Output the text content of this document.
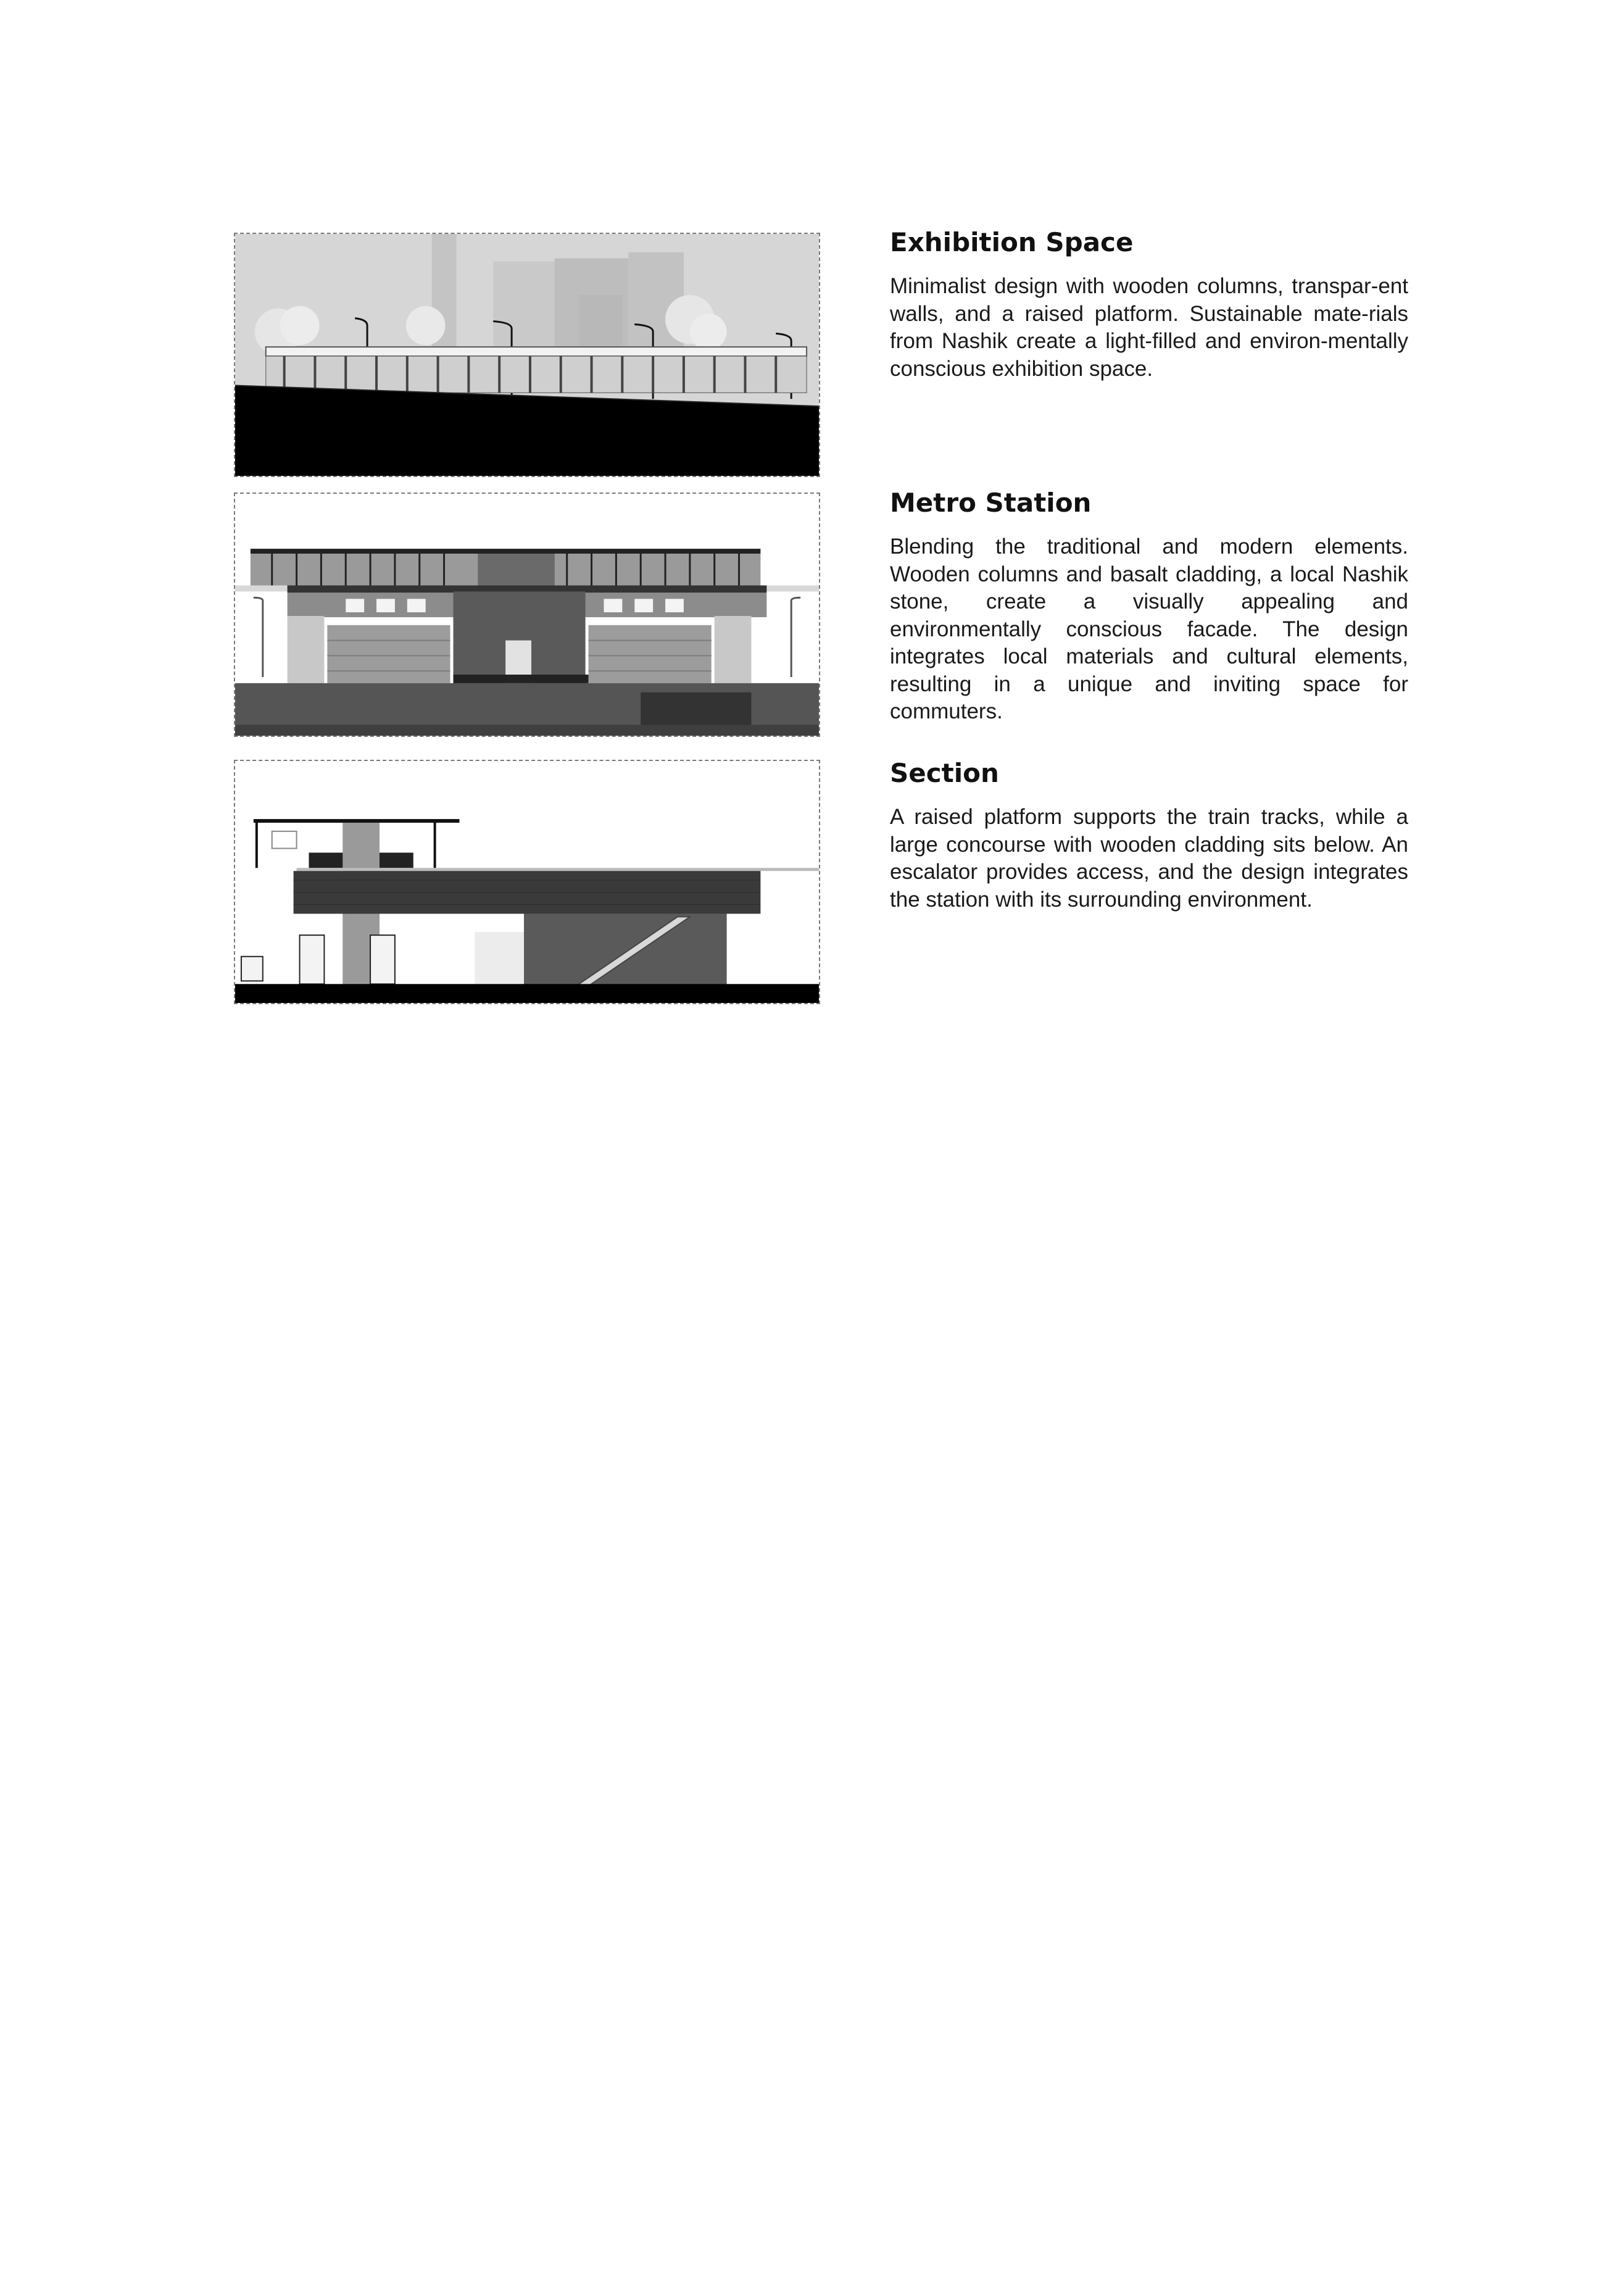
Exhibition Space

Minimalist design with wooden columns, transpar-ent walls, and a raised platform. Sustainable mate-rials from Nashik create a light-filled and environ-mentally conscious exhibition space.

Metro Station

Blending the traditional and modern elements. Wooden columns and basalt cladding, a local Nashik stone, create a visually appealing and environmentally conscious facade. The design integrates local materials and cultural elements, resulting in a unique and inviting space for commuters.

Section

A raised platform supports the train tracks, while a large concourse with wooden cladding sits below. An escalator provides access, and the design integrates the station with its surrounding environment.
